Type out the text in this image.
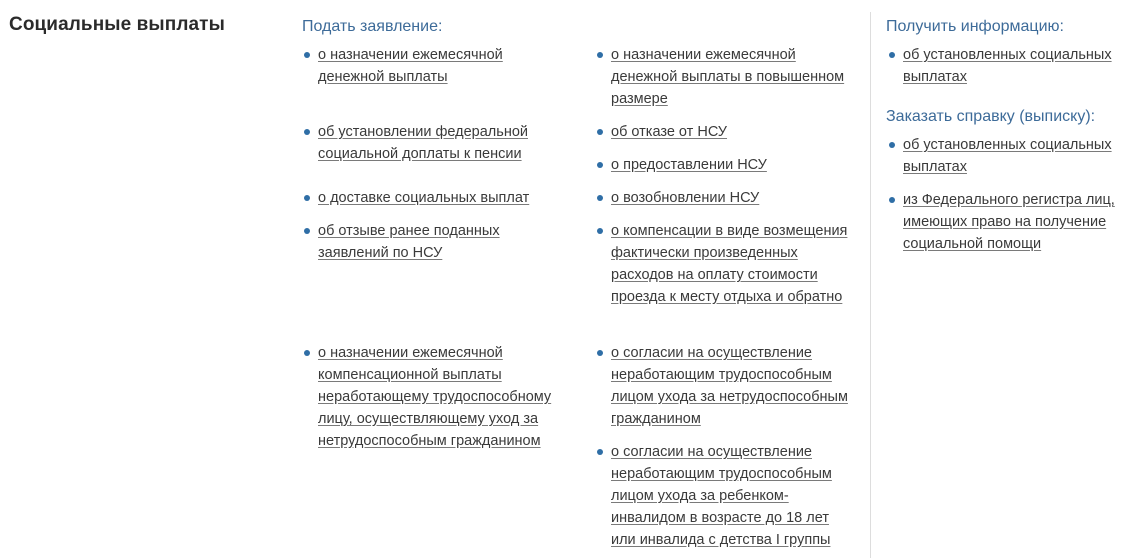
Социальные выплаты	Подать заявление:
о назначении ежемесячной денежной выплаты
об установлении федеральной социальной доплаты к пенсии
о доставке социальных выплат
об отзыве ранее поданных заявлений по НСУ
о назначении ежемесячной компенсационной выплаты неработающему трудоспособному лицу, осуществляющему уход за нетрудоспособным гражданином
о назначении ежемесячной денежной выплаты в повышенном размере
об отказе от НСУ
о предоставлении НСУ
о возобновлении НСУ
о компенсации в виде возмещения фактически произведенных расходов на оплату стоимости проезда к месту отдыха и обратно
о согласии на осуществление неработающим трудоспособным лицом ухода за нетрудоспособным гражданином
о согласии на осуществление неработающим трудоспособным лицом ухода за ребенком-инвалидом в возрасте до 18 лет или инвалида с детства I группы
Получить информацию:
об установленных социальных выплатах
Заказать справку (выписку):
об установленных социальных выплатах
из Федерального регистра лиц, имеющих право на получение социальной помощи
